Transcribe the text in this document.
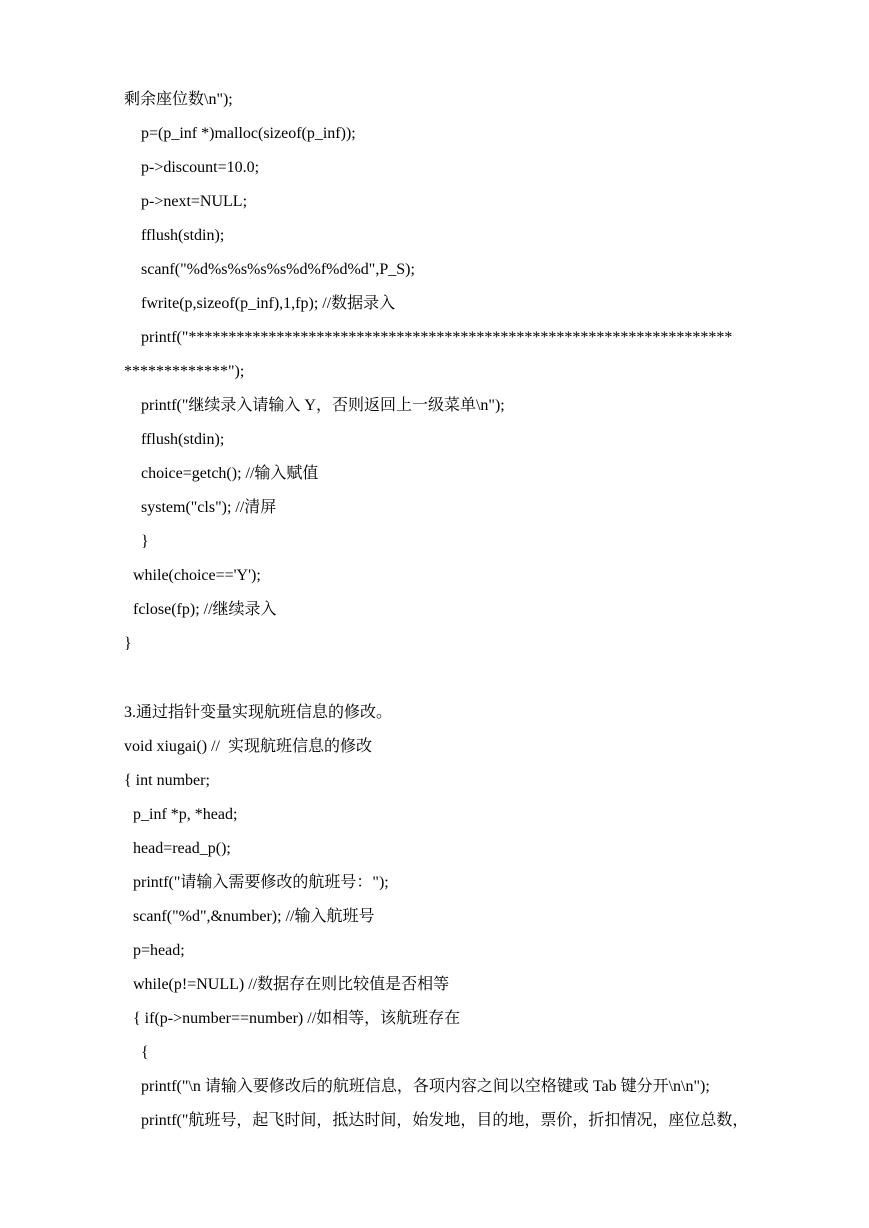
剩余座位数\n");
p=(p_inf *)malloc(sizeof(p_inf));
p->discount=10.0;
p->next=NULL;
fflush(stdin);
scanf("%d%s%s%s%s%d%f%d%d",P_S);
fwrite(p,sizeof(p_inf),1,fp); //数据录入
printf("********************************************************************
*************");
printf("继续录入请输入 Y，否则返回上一级菜单\n");
fflush(stdin);
choice=getch(); //输入赋值
system("cls"); //清屏
}
while(choice=='Y');
fclose(fp); //继续录入
}
3.通过指针变量实现航班信息的修改。
void xiugai() //  实现航班信息的修改
{ int number;
p_inf *p, *head;
head=read_p();
printf("请输入需要修改的航班号：");
scanf("%d",&number); //输入航班号
p=head;
while(p!=NULL) //数据存在则比较值是否相等
{ if(p->number==number) //如相等，该航班存在
{
printf("\n 请输入要修改后的航班信息，各项内容之间以空格键或 Tab 键分开\n\n");
printf("航班号，起飞时间，抵达时间，始发地，目的地，票价，折扣情况，座位总数，
